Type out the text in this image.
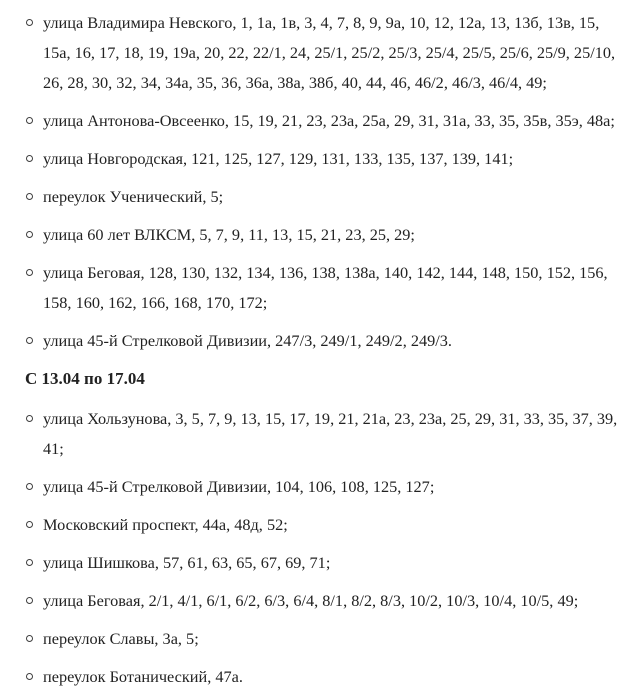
улица Владимира Невского, 1, 1а, 1в, 3, 4, 7, 8, 9, 9а, 10, 12, 12а, 13, 13б, 13в, 15, 15а, 16, 17, 18, 19, 19а, 20, 22, 22/1, 24, 25/1, 25/2, 25/3, 25/4, 25/5, 25/6, 25/9, 25/10, 26, 28, 30, 32, 34, 34а, 35, 36, 36а, 38а, 38б, 40, 44, 46, 46/2, 46/3, 46/4, 49;
улица Антонова-Овсеенко, 15, 19, 21, 23, 23а, 25а, 29, 31, 31а, 33, 35, 35в, 35э, 48а;
улица Новгородская, 121, 125, 127, 129, 131, 133, 135, 137, 139, 141;
переулок Ученический, 5;
улица 60 лет ВЛКСМ, 5, 7, 9, 11, 13, 15, 21, 23, 25, 29;
улица Беговая, 128, 130, 132, 134, 136, 138, 138а, 140, 142, 144, 148, 150, 152, 156, 158, 160, 162, 166, 168, 170, 172;
улица 45-й Стрелковой Дивизии, 247/3, 249/1, 249/2, 249/3.

С 13.04 по 17.04

улица Хользунова, 3, 5, 7, 9, 13, 15, 17, 19, 21, 21а, 23, 23а, 25, 29, 31, 33, 35, 37, 39, 41;
улица 45-й Стрелковой Дивизии, 104, 106, 108, 125, 127;
Московский проспект, 44а, 48д, 52;
улица Шишкова, 57, 61, 63, 65, 67, 69, 71;
улица Беговая, 2/1, 4/1, 6/1, 6/2, 6/3, 6/4, 8/1, 8/2, 8/3, 10/2, 10/3, 10/4, 10/5, 49;
переулок Славы, 3а, 5;
переулок Ботанический, 47а.
